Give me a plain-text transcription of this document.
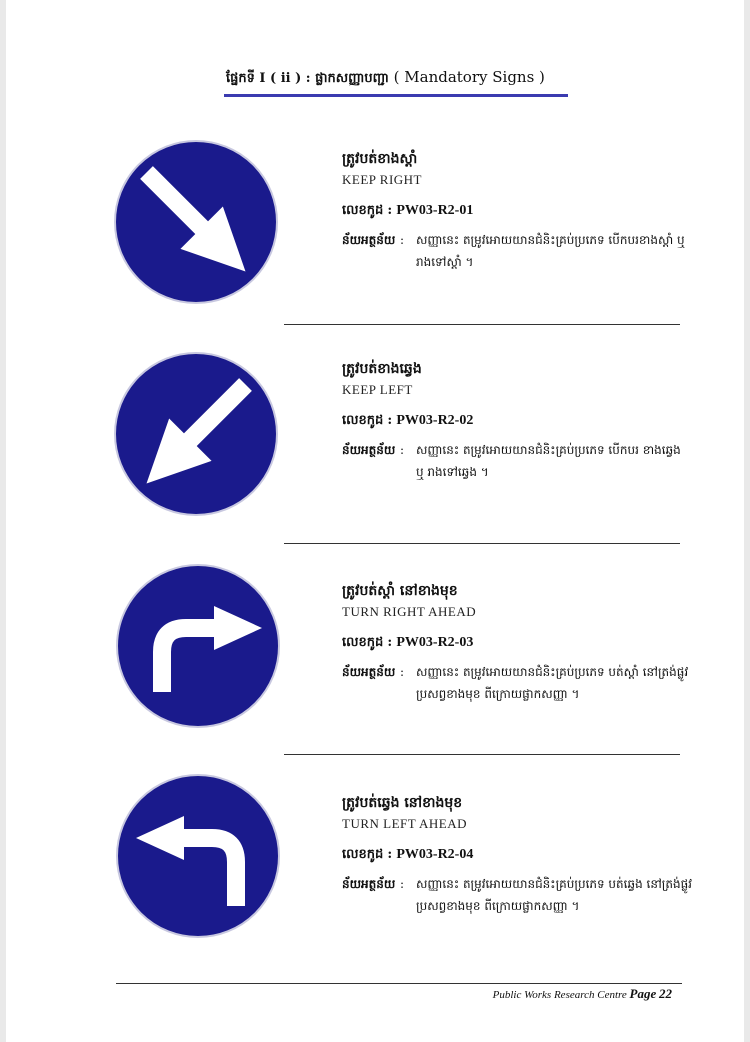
ផ្នែកទី I ( ii ) : ផ្លាកសញ្ញាបញ្ជា ( Mandatory Signs )
ត្រូវបត់ខាងស្តាំ
KEEP RIGHT
លេខកូដ : PW03-R2-01
ន័យអត្ថន័យ : សញ្ញានេះ តម្រូវអោយយានជំនិះគ្រប់ប្រភេទ បើកបរខាងស្តាំ ឬ រាងទៅស្តាំ ។
ត្រូវបត់ខាងឆ្វេង
KEEP LEFT
លេខកូដ : PW03-R2-02
ន័យអត្ថន័យ : សញ្ញានេះ តម្រូវអោយយានជំនិះគ្រប់ប្រភេទ បើកបរ ខាងឆ្វេង ឬ រាងទៅឆ្វេង ។
ត្រូវបត់ស្តាំ នៅខាងមុខ
TURN RIGHT AHEAD
លេខកូដ : PW03-R2-03
ន័យអត្ថន័យ : សញ្ញានេះ តម្រូវអោយយានជំនិះគ្រប់ប្រភេទ បត់ស្តាំ នៅត្រង់ផ្លូវប្រសព្វខាងមុខ ពីក្រោយផ្លាកសញ្ញា ។
ត្រូវបត់ឆ្វេង នៅខាងមុខ
TURN LEFT AHEAD
លេខកូដ : PW03-R2-04
ន័យអត្ថន័យ : សញ្ញានេះ តម្រូវអោយយានជំនិះគ្រប់ប្រភេទ បត់ឆ្វេង នៅត្រង់ផ្លូវប្រសព្វខាងមុខ ពីក្រោយផ្លាកសញ្ញា ។
Public Works Research Centre Page 22
